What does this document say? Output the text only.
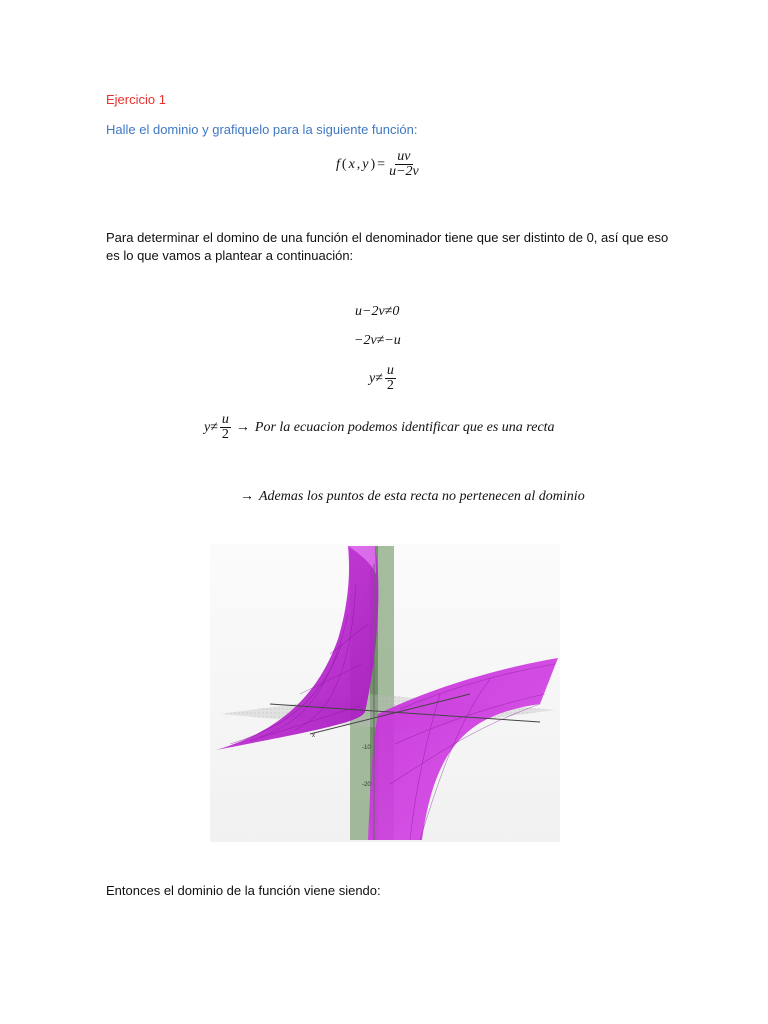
Ejercicio 1
Halle el dominio y grafiquelo para la siguiente función:
f ( x , y ) = $\frac{uv}{u-2v}$
Para determinar el domino de una función el denominador tiene que ser distinto de 0, así que eso
es lo que vamos a plantear a continuación:
u−2v≠0
−2v≠−u
$y\ne \frac{u}{2}$
$y\ne \frac{u}{2}$ → Por la ecuacion podemos identificar que es una recta
→ Ademas los puntos de esta recta no pertenecen al dominio
x
-10
-20
Entonces el dominio de la función viene siendo:
